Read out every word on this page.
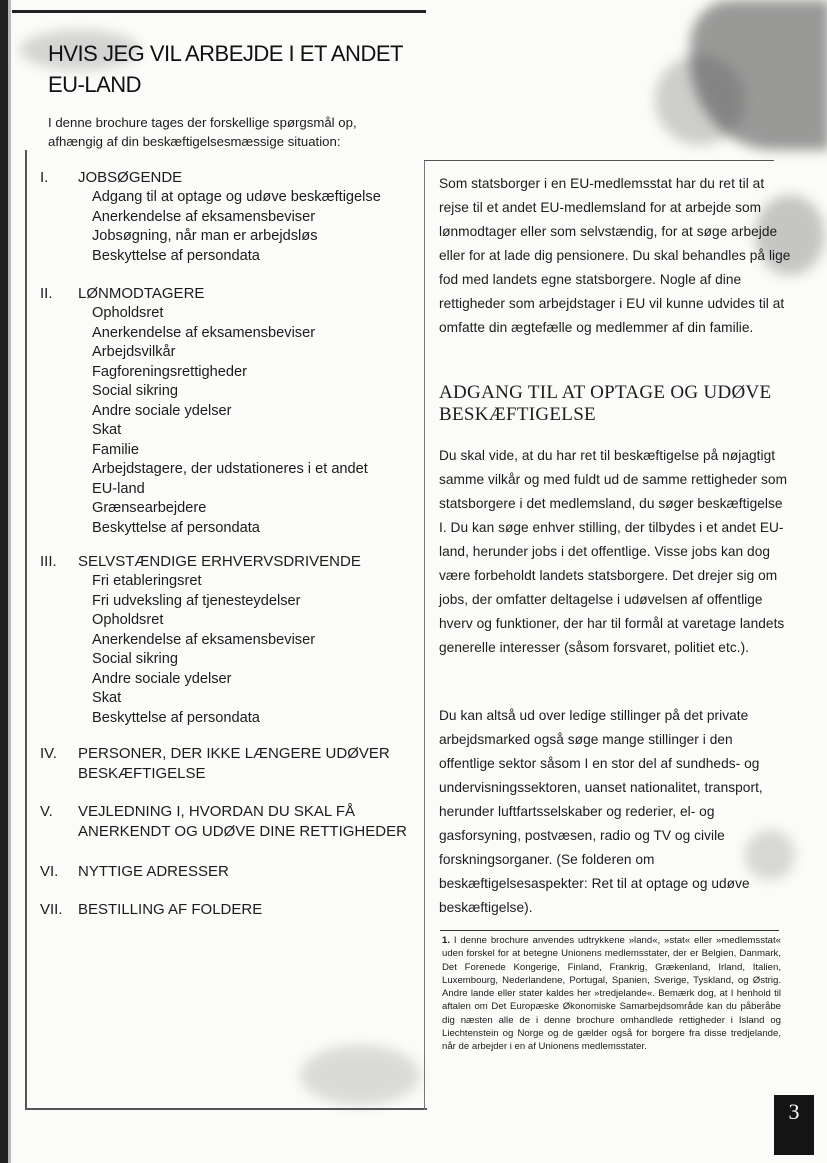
HVIS JEG VIL ARBEJDE I ET ANDET EU-LAND

I denne brochure tages der forskellige spørgsmål op, afhængig af din beskæftigelsesmæssige situation:

I.	JOBSØGENDE
Adgang til at optage og udøve beskæftigelse
Anerkendelse af eksamensbeviser
Jobsøgning, når man er arbejdsløs
Beskyttelse af persondata
II.	LØNMODTAGERE
Opholdsret
Anerkendelse af eksamensbeviser
Arbejdsvilkår
Fagforeningsrettigheder
Social sikring
Andre sociale ydelser
Skat
Familie
Arbejdstagere, der udstationeres i et andet
EU-land
Grænsearbejdere
Beskyttelse af persondata
III.	SELVSTÆNDIGE ERHVERVSDRIVENDE
Fri etableringsret
Fri udveksling af tjenesteydelser
Opholdsret
Anerkendelse af eksamensbeviser
Social sikring
Andre sociale ydelser
Skat
Beskyttelse af persondata
IV.	PERSONER, DER IKKE LÆNGERE UDØVER BESKÆFTIGELSE
V.	VEJLEDNING I, HVORDAN DU SKAL FÅ ANERKENDT OG UDØVE DINE RETTIGHEDER
VI.	NYTTIGE ADRESSER
VII.	BESTILLING AF FOLDERE

Som statsborger i en EU-medlemsstat har du ret til at rejse til et andet EU-medlemsland for at arbejde som lønmodtager eller som selvstændig, for at søge arbejde eller for at lade dig pensionere. Du skal behandles på lige fod med landets egne statsborgere. Nogle af dine rettigheder som arbejdstager i EU vil kunne udvides til at omfatte din ægtefælle og medlemmer af din familie.

ADGANG TIL AT OPTAGE OG UDØVE BESKÆFTIGELSE

Du skal vide, at du har ret til beskæftigelse på nøjagtigt samme vilkår og med fuldt ud de samme rettigheder som statsborgere i det medlemsland, du søger beskæftigelse I. Du kan søge enhver stilling, der tilbydes i et andet EU-land, herunder jobs i det offentlige. Visse jobs kan dog være forbeholdt landets statsborgere. Det drejer sig om jobs, der omfatter deltagelse i udøvelsen af offentlige hverv og funktioner, der har til formål at varetage landets generelle interesser (såsom forsvaret, politiet etc.).

Du kan altså ud over ledige stillinger på det private arbejdsmarked også søge mange stillinger i den offentlige sektor såsom I en stor del af sundheds- og undervisningssektoren, uanset nationalitet, transport, herunder luftfartsselskaber og rederier, el- og gasforsyning, postvæsen, radio og TV og civile forskningsorganer. (Se folderen om beskæftigelsesaspekter: Ret til at optage og udøve beskæftigelse).

1. I denne brochure anvendes udtrykkene »land«, »stat« eller »medlemsstat« uden forskel for at betegne Unionens medlemsstater, der er Belgien, Danmark, Det Forenede Kongerige, Finland, Frankrig, Grækenland, Irland, Italien, Luxembourg, Nederlandene, Portugal, Spanien, Sverige, Tyskland, og Østrig. Andre lande eller stater kaldes her »tredjelande«. Bemærk dog, at I henhold til aftalen om Det Europæske Økonomiske Samarbejdsområde kan du påberåbe dig næsten alle de i denne brochure omhandlede rettigheder i Island og Liechtenstein og Norge og de gælder også for borgere fra disse tredjelande, når de arbejder i en af Unionens medlemsstater.

3
